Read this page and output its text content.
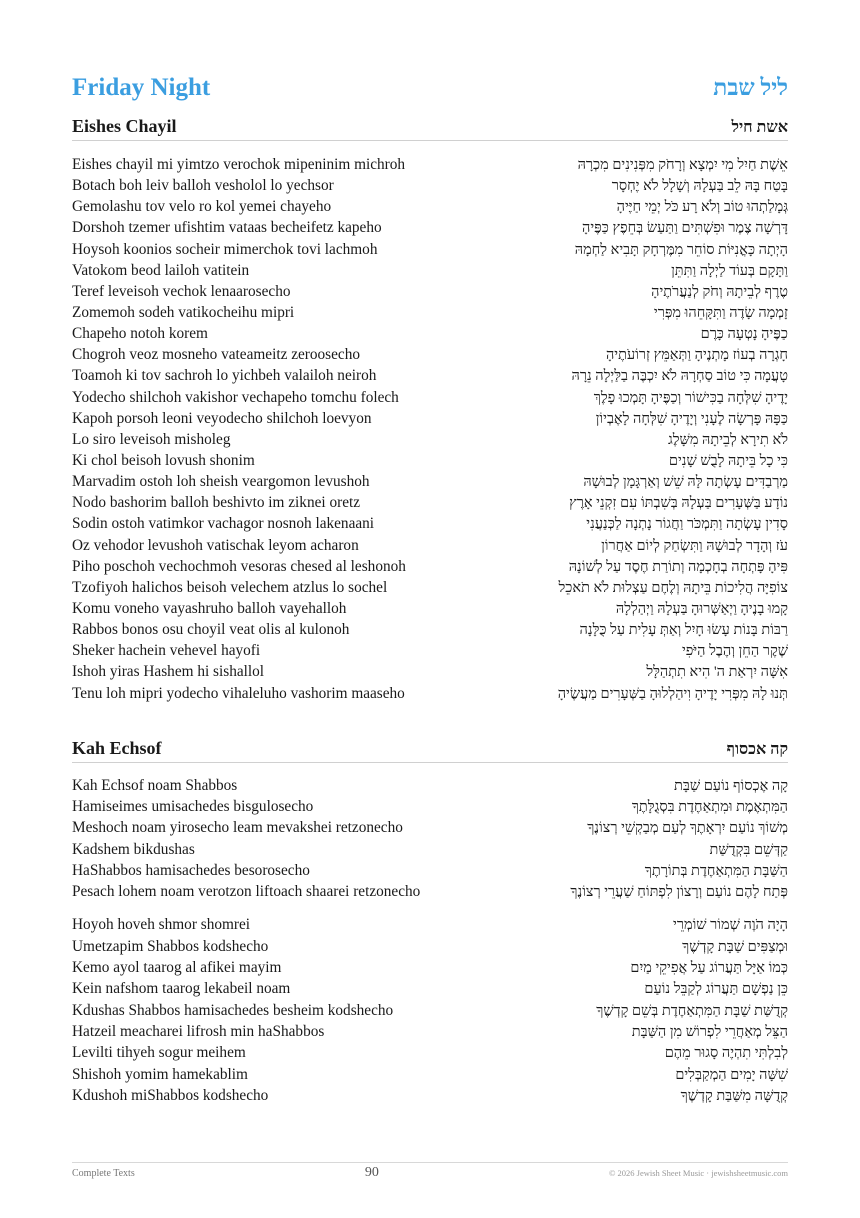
Friday Night	ליל שבת
Eishes Chayil	אשת חיל
Eishes chayil mi yimtzo verochok mipeninim michroh	אֵשֶׁת חַיִל מִי יִמְצָא וְרָחֹק מִפְּנִינִים מִכְרָהּ
Botach boh leiv balloh vesholol lo yechsor	בָּטַח בָּהּ לֵב בַּעְלָהּ וְשָׁלָל לֹא יֶחְסָר
Gemolashu tov velo ro kol yemei chayeho	גְּמָלַתְהוּ טוֹב וְלֹא רָע כֹּל יְמֵי חַיֶּיהָ
Dorshoh tzemer ufishtim vataas becheifetz kapeho	דָּרְשָׁה צֶמֶר וּפִשְׁתִּים וַתַּעַשׂ בְּחֵפֶץ כַּפֶּיהָ
Hoysoh koonios socheir mimerchok tovi lachmoh	הָיְתָה כָּאֳנִיּוֹת סוֹחֵר מִמֶּרְחָק תָּבִיא לַחְמָהּ
Vatokom beod lailoh vatitein	וַתָּקָם בְּעוֹד לַיְלָה וַתִּתֵּן
Teref leveisoh vechok lenaarosecho	טֶרֶף לְבֵיתָהּ וְחֹק לְנַעֲרֹתֶיהָ
Zomemoh sodeh vatikocheihu mipri	זָמְמָה שָׂדֶה וַתִּקָּחֵהוּ מִפְּרִי
Chapeho notoh korem	כַפֶּיהָ נָטְעָה כָּרֶם
Chogroh veoz mosneho vateameitz zeroosecho	חָגְרָה בְעוֹז מָתְנֶיהָ וַתְּאַמֵּץ זְרוֹעֹתֶיהָ
Toamoh ki tov sachroh lo yichbeh valailoh neiroh	טָעֲמָה כִּי טוֹב סַחְרָהּ לֹא יִכְבֶּה בַלַּיְלָה נֵרָהּ
Yodecho shilchoh vakishor vechapeho tomchu folech	יָדֶיהָ שִׁלְּחָה בַכִּישׁוֹר וְכַפֶּיהָ תָּמְכוּ פָלֶךְ
Kapoh porsoh leoni veyodecho shilchoh loevyon	כַּפָּהּ פָּרְשָׂה לֶעָנִי וְיָדֶיהָ שִׁלְּחָה לָאֶבְיוֹן
Lo siro leveisoh misholeg	לֹא תִירָא לְבֵיתָהּ מִשָּׁלֶג
Ki chol beisoh lovush shonim	כִּי כָל בֵּיתָהּ לָבֻשׁ שָׁנִים
Marvadim ostoh loh sheish veargomon levushoh	מַרְבַדִּים עָשְׂתָה לָּהּ שֵׁשׁ וְאַרְגָּמָן לְבוּשָׁהּ
Nodo bashorim balloh beshivto im ziknei oretz	נוֹדָע בַּשְּׁעָרִים בַּעְלָהּ בְּשִׁבְתּוֹ עִם זִקְנֵי אָרֶץ
Sodin ostoh vatimkor vachagor nosnoh lakenaani	סָדִין עָשְׂתָה וַתִּמְכֹּר וַחֲגוֹר נָתְנָה לַכְּנַעֲנִי
Oz vehodor levushoh vatischak leyom acharon	עֹז וְהָדָר לְבוּשָׁהּ וַתִּשְׂחַק לְיוֹם אַחֲרוֹן
Piho poschoh vechochmoh vesoras chesed al leshonoh	פִּיהָ פָּתְחָה בְחָכְמָה וְתוֹרַת חֶסֶד עַל לְשׁוֹנָהּ
Tzofiyoh halichos beisoh velechem atzlus lo sochel	צוֹפִיָּה הֲלִיכוֹת בֵּיתָהּ וְלֶחֶם עַצְלוּת לֹא תֹאכֵל
Komu voneho vayashruho balloh vayehalloh	קָמוּ בָנֶיהָ וַיְאַשְּׁרוּהָ בַּעְלָהּ וַיְהַלְלָהּ
Rabbos bonos osu choyil veat olis al kulonoh	רַבּוֹת בָּנוֹת עָשׂוּ חָיִל וְאַתְּ עָלִית עַל כֻּלָּנָה
Sheker hachein vehevel hayofi	שֶׁקֶר הַחֵן וְהֶבֶל הַיֹּפִי
Ishoh yiras Hashem hi sishallol	אִשָּׁה יִרְאַת ה' הִיא תִתְהַלָּל
Tenu loh mipri yodecho vihaleluho vashorim maaseho	תְּנוּ לָהּ מִפְּרִי יָדֶיהָ וִיהַלְלוּהָ בַשְּׁעָרִים מַעֲשֶׂיהָ
Kah Echsof	קה אכסוף
Kah Echsof noam Shabbos	קָה אֶכְסוֹף נוֹעַם שַׁבָּת
Hamiseimes umisachedes bisgulosecho	הַמִּתְאֶמֶת וּמִתְאַחֶדֶת בִּסְגֻלָּתֶךָ
Meshoch noam yirosecho leam mevakshei retzonecho	מְשׁוֹךְ נוֹעַם יִרְאָתֶךָ לְעַם מְבַקְשֵׁי רְצוֹנֶךָ
Kadshem bikdushas	קַדְּשֵׁם בִּקְדֻשַּׁת
HaShabbos hamisachedes besorosecho	הַשַּׁבָּת הַמִּתְאַחֶדֶת בְּתוֹרָתֶךָ
Pesach lohem noam verotzon liftoach shaarei retzonecho	פְּתַח לָהֶם נוֹעַם וְרָצוֹן לִפְתּוֹחַ שַׁעֲרֵי רְצוֹנֶךָ
Hoyoh hoveh shmor shomrei	הָיָה הֹוֶה שְׁמוֹר שׁוֹמְרֵי
Umetzapim Shabbos kodshecho	וּמְצַפִּים שַׁבָּת קָדְשֶׁךָ
Kemo ayol taarog al afikei mayim	כְּמוֹ אַיָּל תַּעֲרוֹג עַל אֲפִיקֵי מַיִם
Kein nafshom taarog lekabeil noam	כֵּן נַפְשָׁם תַּעֲרוֹג לְקַבֵּל נוֹעַם
Kdushas Shabbos hamisachedes besheim kodshecho	קְדֻשַּׁת שַׁבָּת הַמִּתְאַחֶדֶת בְּשֵׁם קָדְשֶׁךָ
Hatzeil meacharei lifrosh min haShabbos	הַצֵּל מְאַחֲרֵי לִפְרוֹשׁ מִן הַשַּׁבָּת
Levilti tihyeh sogur meihem	לְבִלְתִּי תִהְיֶה סָגוּר מֵהֶם
Shishoh yomim hamekablim	שִׁשָּׁה יָמִים הַמְקַבְּלִים
Kdushoh miShabbos kodshecho	קְדֻשָּׁה מִשַּׁבַּת קָדְשֶׁךָ
Complete Texts	90	© 2026 Jewish Sheet Music · jewishsheetmusic.com
